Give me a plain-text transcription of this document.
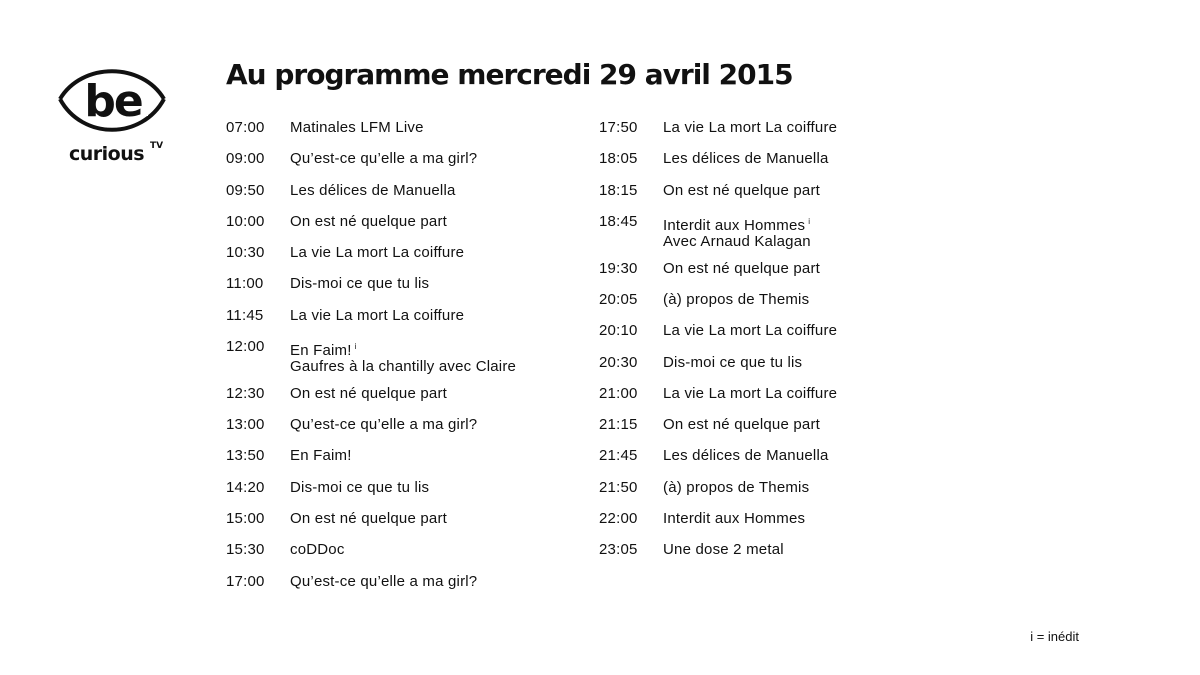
be
curious TV
Au programme mercredi 29 avril 2015
07:00	Matinales LFM Live
09:00	Qu’est-ce qu’elle a ma girl?
09:50	Les délices de Manuella
10:00	On est né quelque part
10:30	La vie La mort La coiffure
11:00	Dis-moi ce que tu lis
11:45	La vie La mort La coiffure
12:00	En Faim! $^i$
Gaufres à la chantilly avec Claire
12:30	On est né quelque part
13:00	Qu’est-ce qu’elle a ma girl?
13:50	En Faim!
14:20	Dis-moi ce que tu lis
15:00	On est né quelque part
15:30	coDDoc
17:00	Qu’est-ce qu’elle a ma girl?
17:50	La vie La mort La coiffure
18:05	Les délices de Manuella
18:15	On est né quelque part
18:45	Interdit aux Hommes $^i$
Avec Arnaud Kalagan
19:30	On est né quelque part
20:05	(à) propos de Themis
20:10	La vie La mort La coiffure
20:30	Dis-moi ce que tu lis
21:00	La vie La mort La coiffure
21:15	On est né quelque part
21:45	Les délices de Manuella
21:50	(à) propos de Themis
22:00	Interdit aux Hommes
23:05	Une dose 2 metal
i = inédit
